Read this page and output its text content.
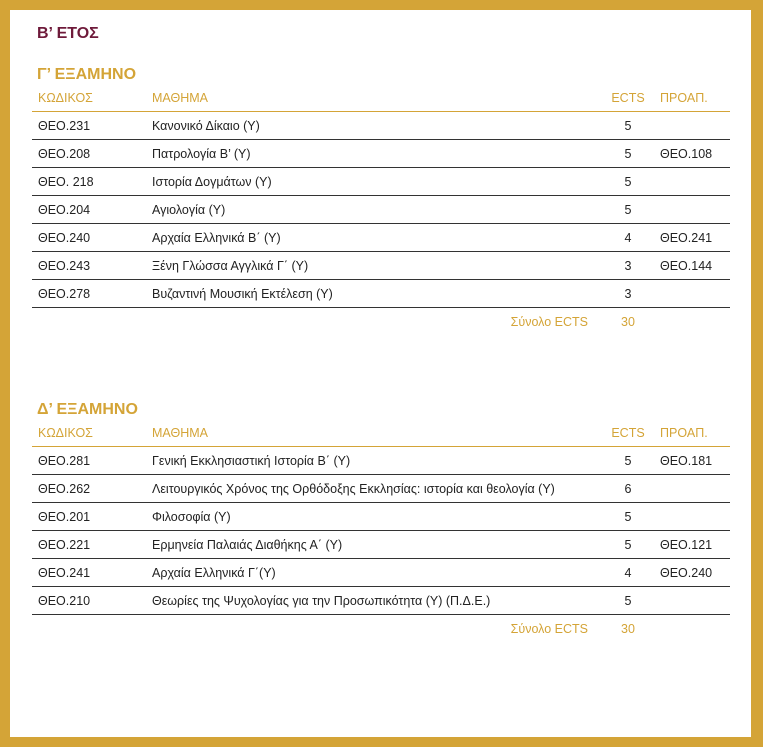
Β’ ΕΤΟΣ
Γ’ ΕΞΑΜΗΝΟ
ΚΩΔΙΚΟΣ	ΜΑΘΗΜΑ	ECTS	ΠΡΟΑΠ.
ΘΕΟ.231	Κανονικό Δίκαιο (Υ)	5	
ΘΕΟ.208	Πατρολογία Β’ (Υ)	5	ΘΕΟ.108
ΘΕΟ. 218	Ιστορία Δογμάτων (Υ)	5	
ΘΕΟ.204	Αγιολογία (Υ)	5	
ΘΕΟ.240	Αρχαία Ελληνικά Β΄ (Υ)	4	ΘΕΟ.241
ΘΕΟ.243	Ξένη Γλώσσα Αγγλικά Γ΄ (Υ)	3	ΘΕΟ.144
ΘΕΟ.278	Βυζαντινή Μουσική Εκτέλεση (Υ)	3	
	Σύνολο ECTS	30	
Δ’ ΕΞΑΜΗΝΟ
ΚΩΔΙΚΟΣ	ΜΑΘΗΜΑ	ECTS	ΠΡΟΑΠ.
ΘΕΟ.281	Γενική Εκκλησιαστική Ιστορία Β΄ (Υ)	5	ΘΕΟ.181
ΘΕΟ.262	Λειτουργικός Χρόνος της Ορθόδοξης Εκκλησίας: ιστορία και θεολογία (Υ)	6	
ΘΕΟ.201	Φιλοσοφία (Υ)	5	
ΘΕΟ.221	Ερμηνεία Παλαιάς Διαθήκης Α΄ (Υ)	5	ΘΕΟ.121
ΘΕΟ.241	Αρχαία Ελληνικά Γ΄(Υ)	4	ΘΕΟ.240
ΘΕΟ.210	Θεωρίες της Ψυχολογίας για την Προσωπικότητα (Υ) (Π.Δ.Ε.)	5	
	Σύνολο ECTS	30	
